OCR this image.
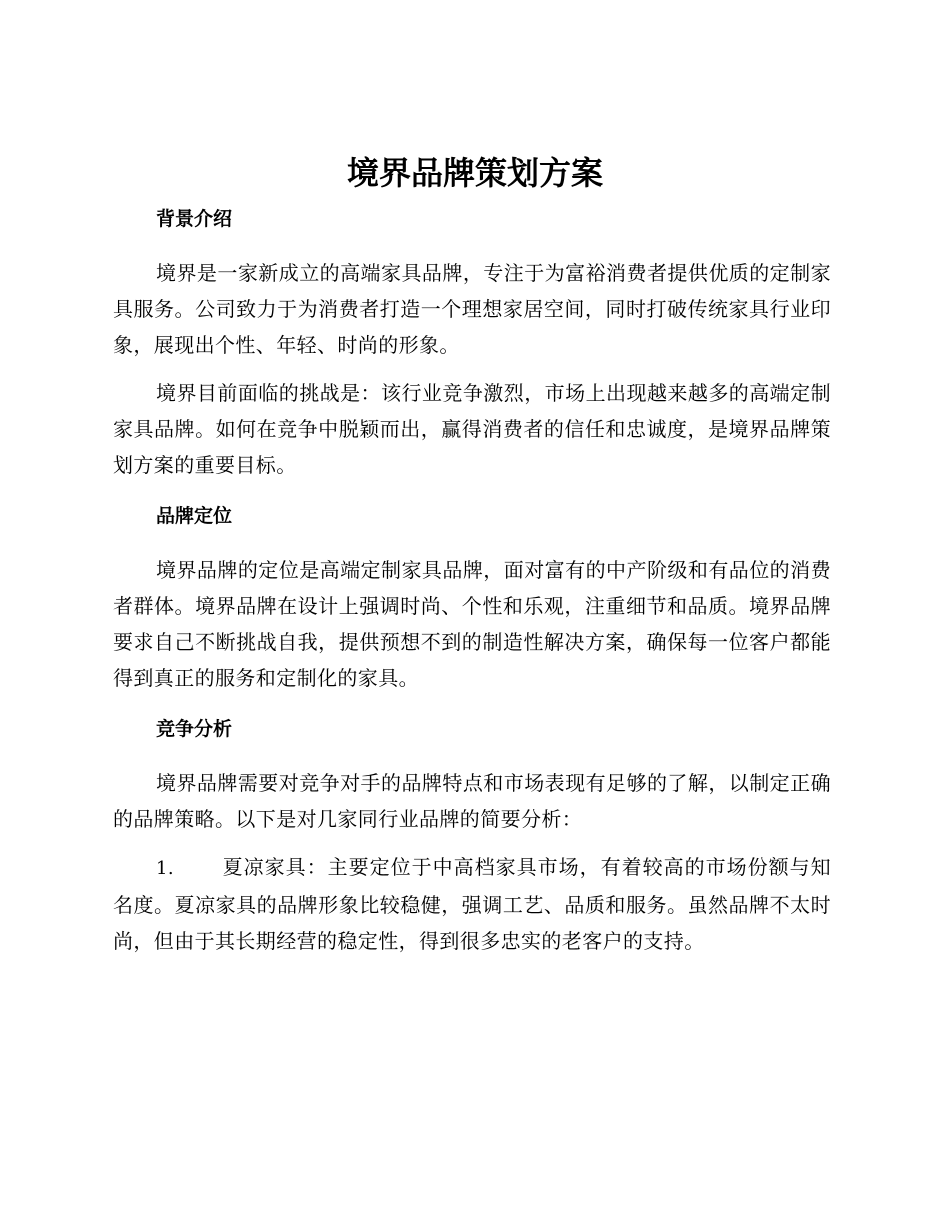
境界品牌策划方案
背景介绍

境界是一家新成立的高端家具品牌，专注于为富裕消费者提供优质的定制家具服务。公司致力于为消费者打造一个理想家居空间，同时打破传统家具行业印象，展现出个性、年轻、时尚的形象。

境界目前面临的挑战是：该行业竞争激烈，市场上出现越来越多的高端定制家具品牌。如何在竞争中脱颖而出，赢得消费者的信任和忠诚度，是境界品牌策划方案的重要目标。

品牌定位

境界品牌的定位是高端定制家具品牌，面对富有的中产阶级和有品位的消费者群体。境界品牌在设计上强调时尚、个性和乐观，注重细节和品质。境界品牌要求自己不断挑战自我，提供预想不到的制造性解决方案，确保每一位客户都能得到真正的服务和定制化的家具。

竞争分析

境界品牌需要对竞争对手的品牌特点和市场表现有足够的了解，以制定正确的品牌策略。以下是对几家同行业品牌的简要分析：

1. 夏凉家具：主要定位于中高档家具市场，有着较高的市场份额与知名度。夏凉家具的品牌形象比较稳健，强调工艺、品质和服务。虽然品牌不太时尚，但由于其长期经营的稳定性，得到很多忠实的老客户的支持。
